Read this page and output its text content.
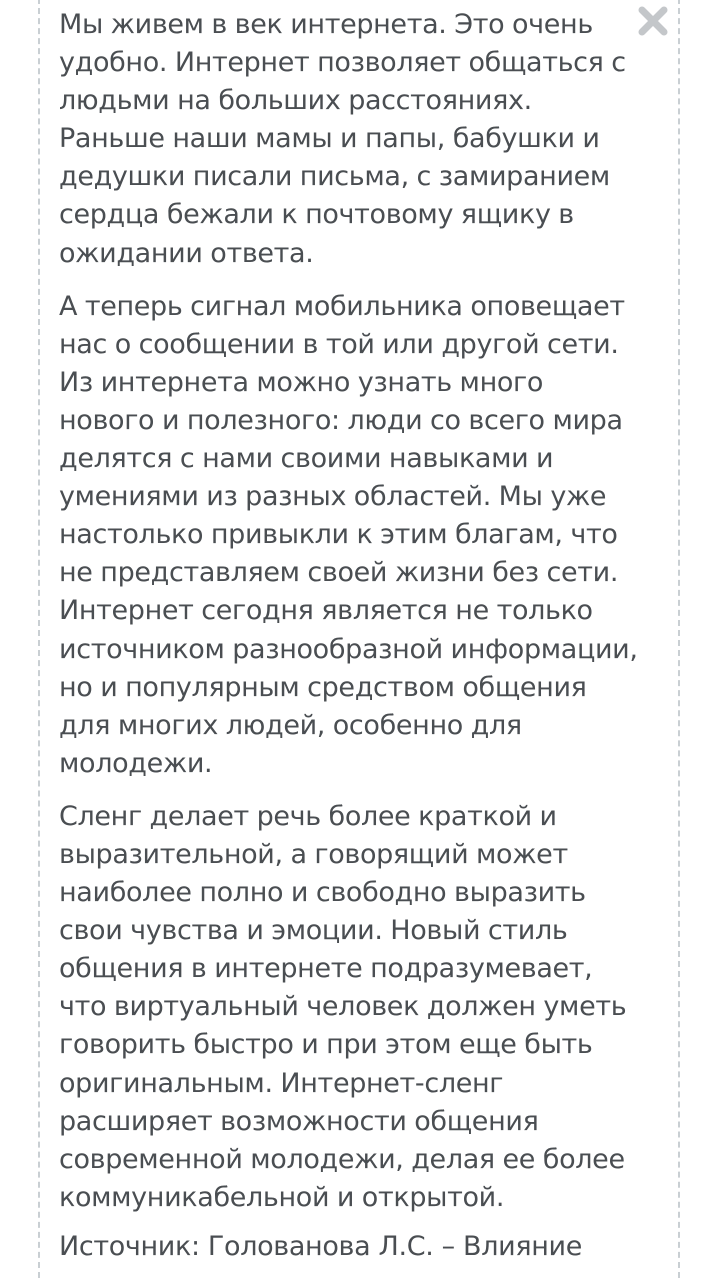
Мы живем в век интернета. Это очень удобно. Интернет позволяет общаться с людьми на больших расстояниях. Раньше наши мамы и папы, бабушки и дедушки писали письма, с замиранием сердца бежали к почтовому ящику в ожидании ответа.

А теперь сигнал мобильника оповещает нас о сообщении в той или другой сети. Из интернета можно узнать много нового и полезного: люди со всего мира делятся с нами своими навыками и умениями из разных областей. Мы уже настолько привыкли к этим благам, что не представляем своей жизни без сети. Интернет сегодня является не только источником разнообразной информации, но и популярным средством общения для многих людей, особенно для молодежи.

Сленг делает речь более краткой и выразительной, а говорящий может наиболее полно и свободно выразить свои чувства и эмоции. Новый стиль общения в интернете подразумевает, что виртуальный человек должен уметь говорить быстро и при этом еще быть оригинальным. Интернет-сленг расширяет возможности общения современной молодежи, делая ее более коммуникабельной и открытой.

Источник: Голованова Л.С. – Влияние
